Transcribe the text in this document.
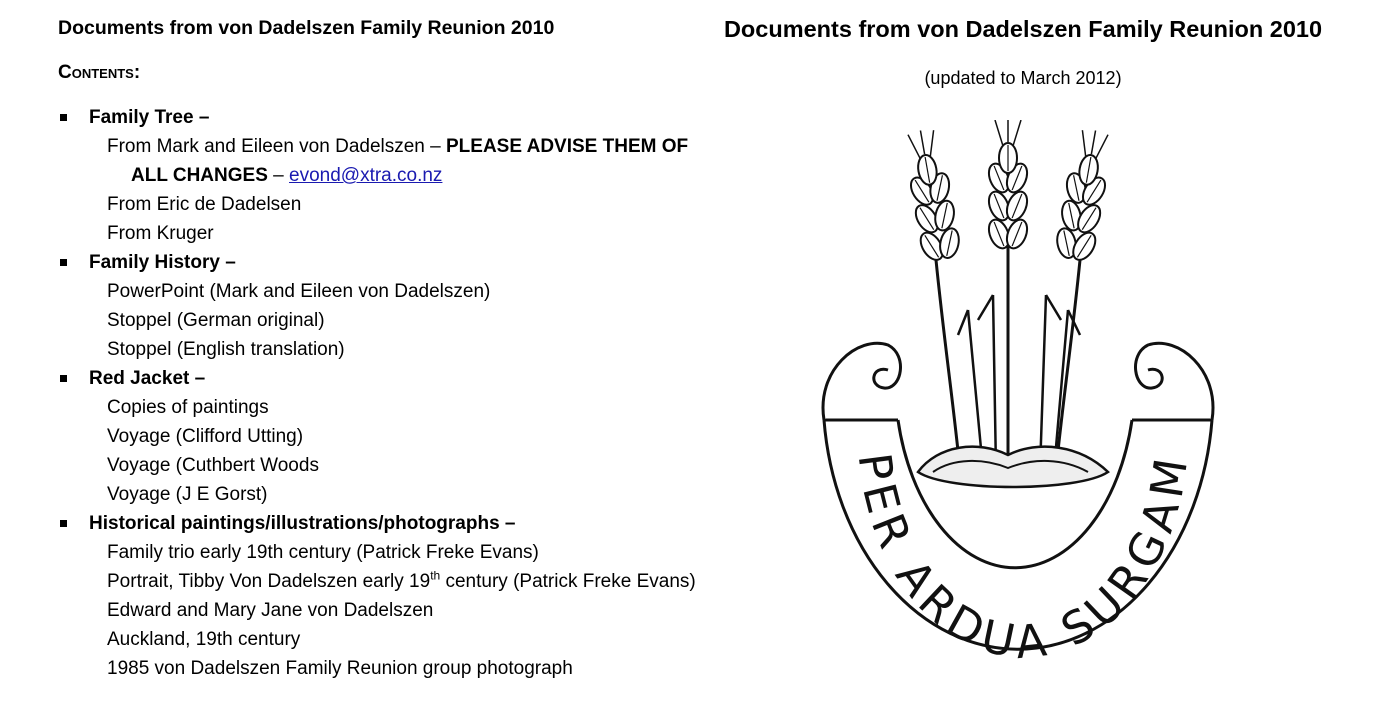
Documents from von Dadelszen Family Reunion 2010
Contents:
Family Tree –
From Mark and Eileen von Dadelszen – PLEASE ADVISE THEM OF ALL CHANGES – evond@xtra.co.nz
From Eric de Dadelsen
From Kruger
Family History –
PowerPoint (Mark and Eileen von Dadelszen)
Stoppel (German original)
Stoppel (English translation)
Red Jacket –
Copies of paintings
Voyage (Clifford Utting)
Voyage (Cuthbert Woods
Voyage (J E Gorst)
Historical paintings/illustrations/photographs –
Family trio early 19th century (Patrick Freke Evans)
Portrait, Tibby Von Dadelszen early 19th century (Patrick Freke Evans)
Edward and Mary Jane von Dadelszen
Auckland, 19th century
1985 von Dadelszen Family Reunion group photograph
Documents from von Dadelszen Family Reunion 2010
(updated to March 2012)
PER ARDUA SURGAM
